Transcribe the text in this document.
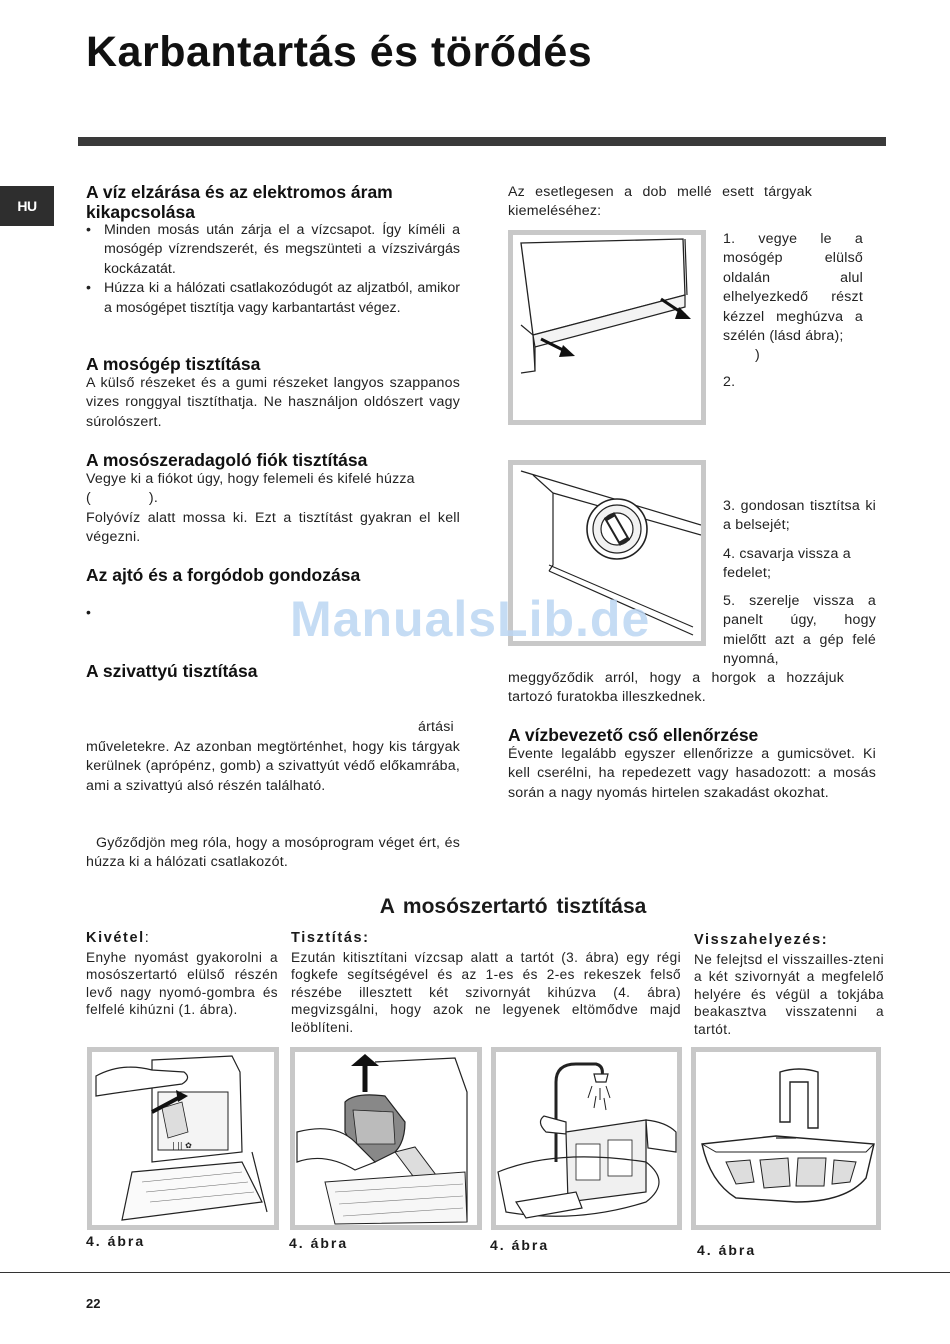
Karbantartás és törődés
HU
A víz elzárása és az elektromos áram kikapcsolása
• Minden mosás után zárja el a vízcsapot. Így kíméli a mosógép vízrendszerét, és megszünteti a vízszivárgás kockázatát.
• Húzza ki a hálózati csatlakozódugót az aljzatból, amikor a mosógépet tisztítja vagy karbantartást végez.
A mosógép tisztítása

A külső részeket és a gumi részeket langyos szappanos vizes ronggyal tisztíthatja. Ne használjon oldószert vagy súrolószert.

A mosószeradagoló fiók tisztítása

Vegye ki a fiókot úgy, hogy felemeli és kifelé húzza

(              ).

Folyóvíz alatt mossa ki. Ezt a tisztítást gyakran el kell végezni.

Az ajtó és a forgódob gondozása
•
A szivattyú tisztítása

ártási

műveletekre. Az azonban megtörténhet, hogy kis tárgyak kerülnek (aprópénz, gomb) a szivattyút védő előkamrába, ami a szivattyú alsó részén található.

Győződjön meg róla, hogy a mosóprogram véget ért, és húzza ki a hálózati csatlakozót.

Az esetlegesen a dob mellé esett tárgyak kiemeléséhez:

1. vegye le a mosógép elülső oldalán alul elhelyezkedő részt kézzel meghúzva a szélén (lásd ábra);

)

2.

3. gondosan tisztítsa ki a belsejét;

4. csavarja vissza a fedelet;

5. szerelje vissza a panelt úgy, hogy mielőtt azt a gép felé nyomná,

meggyőződik arról, hogy a horgok a hozzájuk tartozó furatokba illeszkednek.

A vízbevezető cső ellenőrzése

Évente legalább egyszer ellenőrizze a gumicsövet. Ki kell cserélni, ha repedezett vagy hasadozott: a mosás során a nagy nyomás hirtelen szakadást okozhat.

ManualsLib.de

A mosószertartó tisztítása

Kivétel:

Enyhe nyomást gyakorolni a mosószertartó elülső részén levő nagy nyomó-gombra és felfelé kihúzni (1. ábra).

Tisztítás:

Ezután kitisztítani vízcsap alatt a tartót (3. ábra) egy régi fogkefe segítségével és az 1-es és 2-es rekeszek felső részébe illesztett két szivornyát kihúzva (4. ábra) megvizsgálni, hogy azok ne legyenek eltömődve majd leöblíteni.

Visszahelyezés:

Ne felejtsd el visszailles-zteni a két szivornyát a megfelelő helyére és végül a tokjába beakasztva visszatenni a tartót.

| || ✿

4. ábra	4. ábra	4. ábra	4. ábra

22
